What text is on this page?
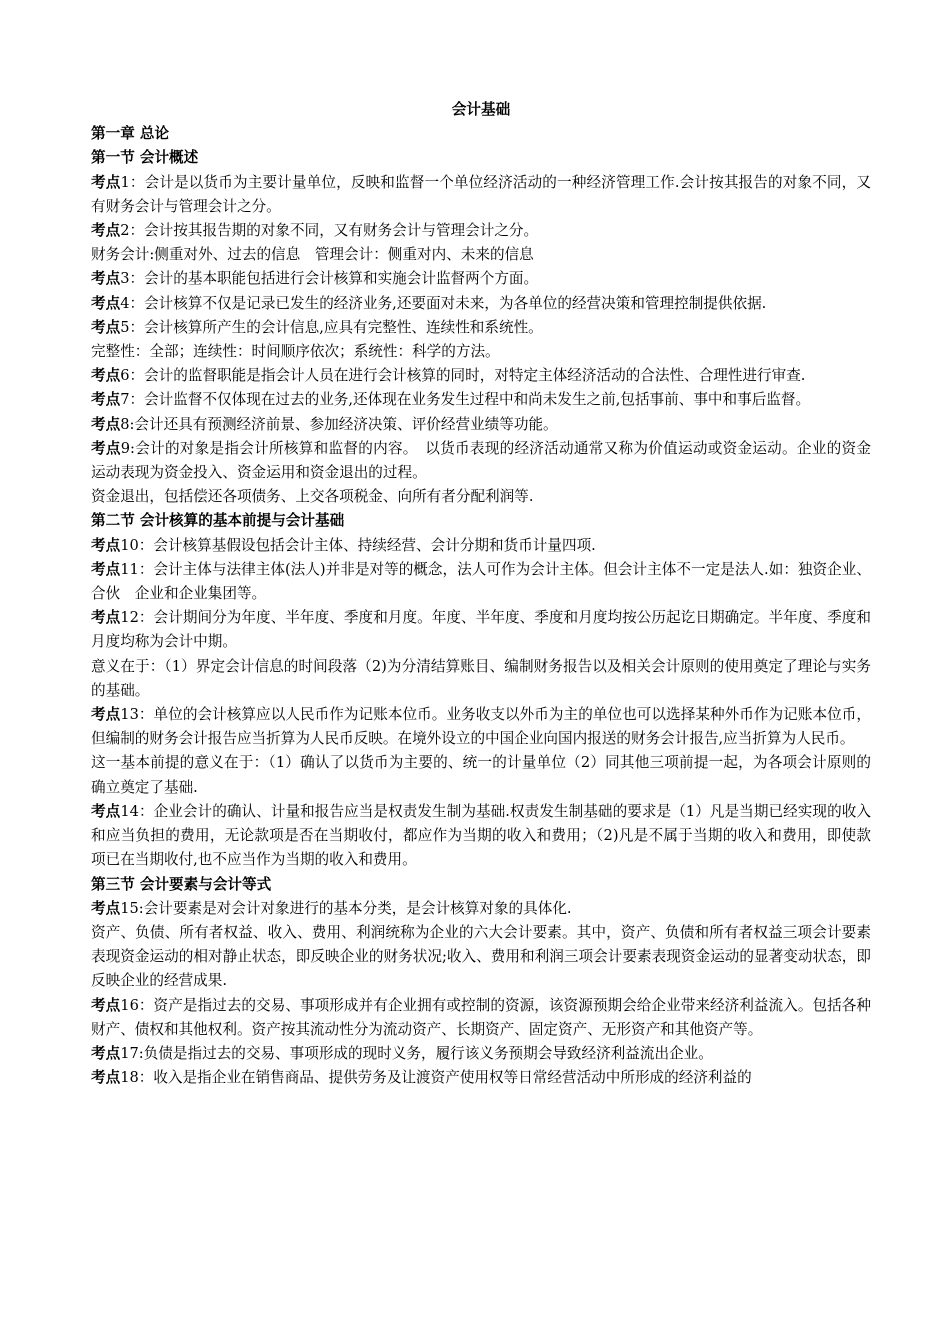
会计基础

第一章 总论

第一节 会计概述

考点1：会计是以货币为主要计量单位，反映和监督一个单位经济活动的一种经济管理工作.会计按其报告的对象不同，又有财务会计与管理会计之分。

考点2：会计按其报告期的对象不同，又有财务会计与管理会计之分。

财务会计:侧重对外、过去的信息　管理会计：侧重对内、未来的信息

考点3：会计的基本职能包括进行会计核算和实施会计监督两个方面。

考点4：会计核算不仅是记录已发生的经济业务,还要面对未来，为各单位的经营决策和管理控制提供依据.

考点5：会计核算所产生的会计信息,应具有完整性、连续性和系统性。

完整性：全部；连续性：时间顺序依次；系统性：科学的方法。

考点6：会计的监督职能是指会计人员在进行会计核算的同时，对特定主体经济活动的合法性、合理性进行审查.

考点7：会计监督不仅体现在过去的业务,还体现在业务发生过程中和尚未发生之前,包括事前、事中和事后监督。

考点8:会计还具有预测经济前景、参加经济决策、评价经营业绩等功能。

考点9:会计的对象是指会计所核算和监督的内容。　以货币表现的经济活动通常又称为价值运动或资金运动。企业的资金运动表现为资金投入、资金运用和资金退出的过程。

资金退出，包括偿还各项债务、上交各项税金、向所有者分配利润等.

第二节 会计核算的基本前提与会计基础

考点10：会计核算基假设包括会计主体、持续经营、会计分期和货币计量四项.

考点11：会计主体与法律主体(法人)并非是对等的概念，法人可作为会计主体。但会计主体不一定是法人.如：独资企业、合伙　企业和企业集团等。

考点12：会计期间分为年度、半年度、季度和月度。年度、半年度、季度和月度均按公历起讫日期确定。半年度、季度和月度均称为会计中期。

意义在于：（1）界定会计信息的时间段落（2)为分清结算账目、编制财务报告以及相关会计原则的使用奠定了理论与实务的基础。

考点13：单位的会计核算应以人民币作为记账本位币。业务收支以外币为主的单位也可以选择某种外币作为记账本位币，但编制的财务会计报告应当折算为人民币反映。在境外设立的中国企业向国内报送的财务会计报告,应当折算为人民币。

这一基本前提的意义在于：（1）确认了以货币为主要的、统一的计量单位（2）同其他三项前提一起，为各项会计原则的确立奠定了基础.

考点14：企业会计的确认、计量和报告应当是权责发生制为基础.权责发生制基础的要求是（1）凡是当期已经实现的收入和应当负担的费用，无论款项是否在当期收付，都应作为当期的收入和费用；（2)凡是不属于当期的收入和费用，即使款项已在当期收付,也不应当作为当期的收入和费用。

第三节 会计要素与会计等式

考点15:会计要素是对会计对象进行的基本分类，是会计核算对象的具体化.

资产、负债、所有者权益、收入、费用、利润统称为企业的六大会计要素。其中，资产、负债和所有者权益三项会计要素表现资金运动的相对静止状态，即反映企业的财务状况;收入、费用和利润三项会计要素表现资金运动的显著变动状态，即反映企业的经营成果.

考点16：资产是指过去的交易、事项形成并有企业拥有或控制的资源，该资源预期会给企业带来经济利益流入。包括各种财产、债权和其他权利。资产按其流动性分为流动资产、长期资产、固定资产、无形资产和其他资产等。

考点17:负债是指过去的交易、事项形成的现时义务，履行该义务预期会导致经济利益流出企业。

考点18：收入是指企业在销售商品、提供劳务及让渡资产使用权等日常经营活动中所形成的经济利益的
